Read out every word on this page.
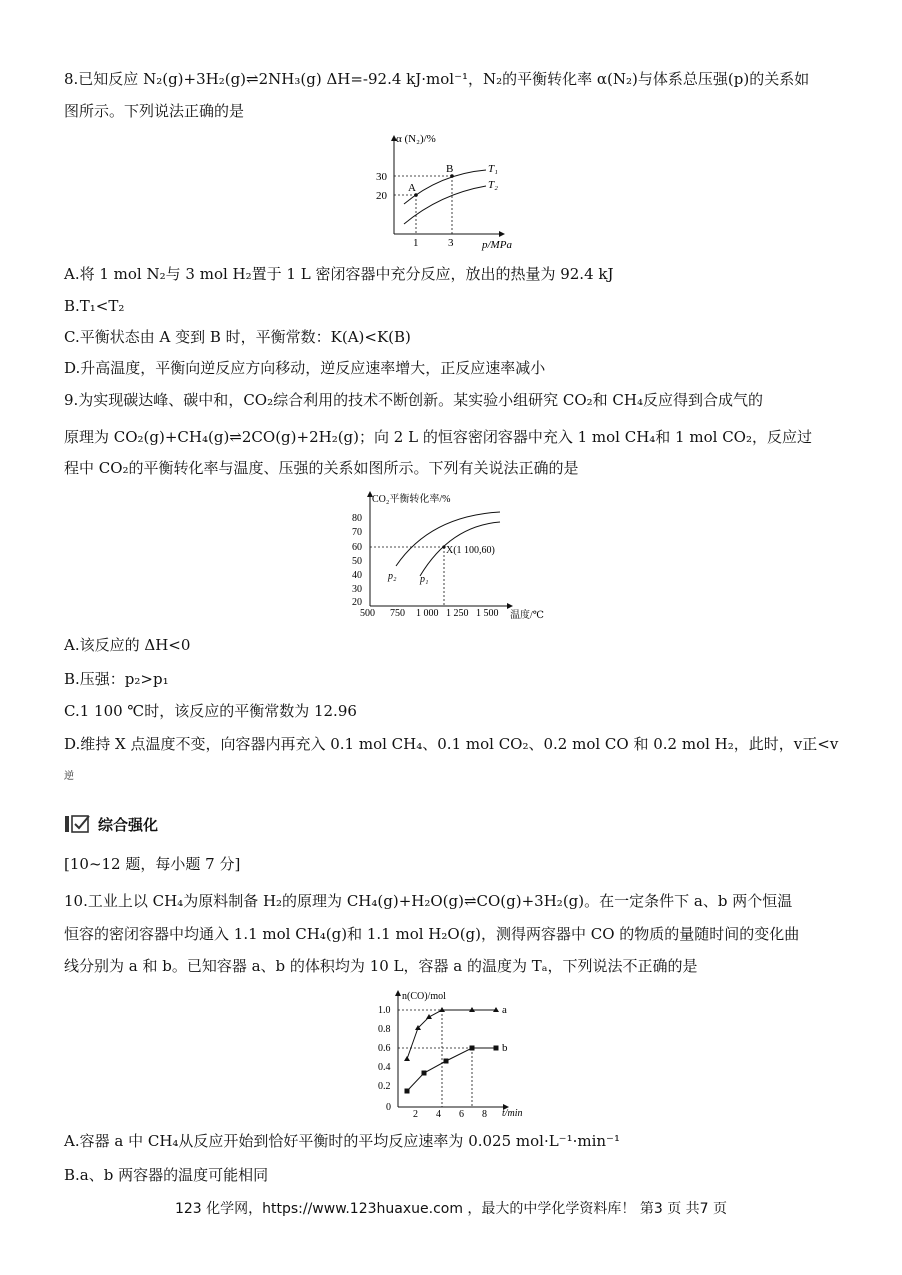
8.已知反应 N₂(g)+3H₂(g)⇌2NH₃(g) ΔH=-92.4 kJ·mol⁻¹，N₂的平衡转化率 α(N₂)与体系总压强(p)的关系如
图所示。下列说法正确的是
α (N₂)/%
p/MPa
30
20
1	3
A
B	T₁
T₂
A.将 1 mol N₂与 3 mol H₂置于 1 L 密闭容器中充分反应，放出的热量为 92.4 kJ
B.T₁<T₂
C.平衡状态由 A 变到 B 时，平衡常数：K(A)<K(B)
D.升高温度，平衡向逆反应方向移动，逆反应速率增大，正反应速率减小
9.为实现碳达峰、碳中和，CO₂综合利用的技术不断创新。某实验小组研究 CO₂和 CH₄反应得到合成气的
原理为 CO₂(g)+CH₄(g)⇌2CO(g)+2H₂(g)；向 2 L 的恒容密闭容器中充入 1 mol CH₄和 1 mol CO₂，反应过
程中 CO₂的平衡转化率与温度、压强的关系如图所示。下列有关说法正确的是
CO₂平衡转化率/%
温度/℃
80
70
60
50
40
30
20
500 750 1 000 1 250 1 500
X(1 100,60)
p₂ p₁
A.该反应的 ΔH<0
B.压强：p₂>p₁
C.1 100 ℃时，该反应的平衡常数为 12.96
D.维持 X 点温度不变，向容器内再充入 0.1 mol CH₄、0.1 mol CO₂、0.2 mol CO 和 0.2 mol H₂，此时，v正<v
逆
综合强化
[10~12 题，每小题 7 分]
10.工业上以 CH₄为原料制备 H₂的原理为 CH₄(g)+H₂O(g)⇌CO(g)+3H₂(g)。在一定条件下 a、b 两个恒温
恒容的密闭容器中均通入 1.1 mol CH₄(g)和 1.1 mol H₂O(g)，测得两容器中 CO 的物质的量随时间的变化曲
线分别为 a 和 b。已知容器 a、b 的体积均为 10 L，容器 a 的温度为 Tₐ，下列说法不正确的是
n(CO)/mol
t/min
1.0
0.8
0.6
0.4
0.2
0
2 4 6 8
a
b
A.容器 a 中 CH₄从反应开始到恰好平衡时的平均反应速率为 0.025 mol·L⁻¹·min⁻¹
B.a、b 两容器的温度可能相同
123 化学网，https://www.123huaxue.com ，最大的中学化学资料库！ 第3 页 共7 页
